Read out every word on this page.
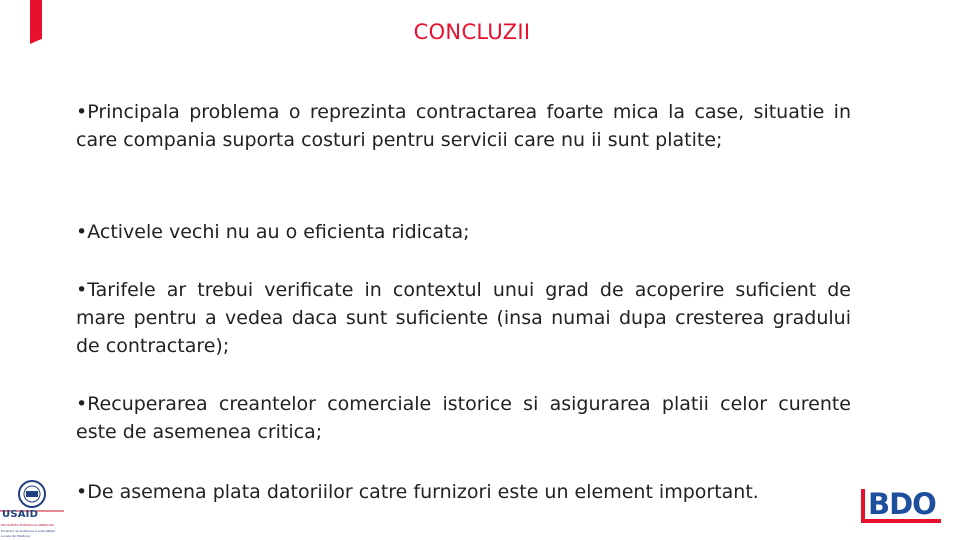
CONCLUZII

•Principala problema o reprezinta contractarea foarte mica la case, situatie in care compania suporta costuri pentru servicii care nu ii sunt platite;

•Activele vechi nu au o eficienta ridicata;

•Tarifele ar trebui verificate in contextul unui grad de acoperire suficient de mare pentru a vedea daca sunt suficiente (insa numai dupa cresterea gradului de contractare);

•Recuperarea creantelor comerciale istorice si asigurarea platii celor curente este de asemenea critica;

•De asemena plata datoriilor catre furnizori este un element important.

USAID
DIN PARTEA POPORULUI AMERICAN
Proiectul de Susținere a Autorităților
Locale din Moldova
BDO
